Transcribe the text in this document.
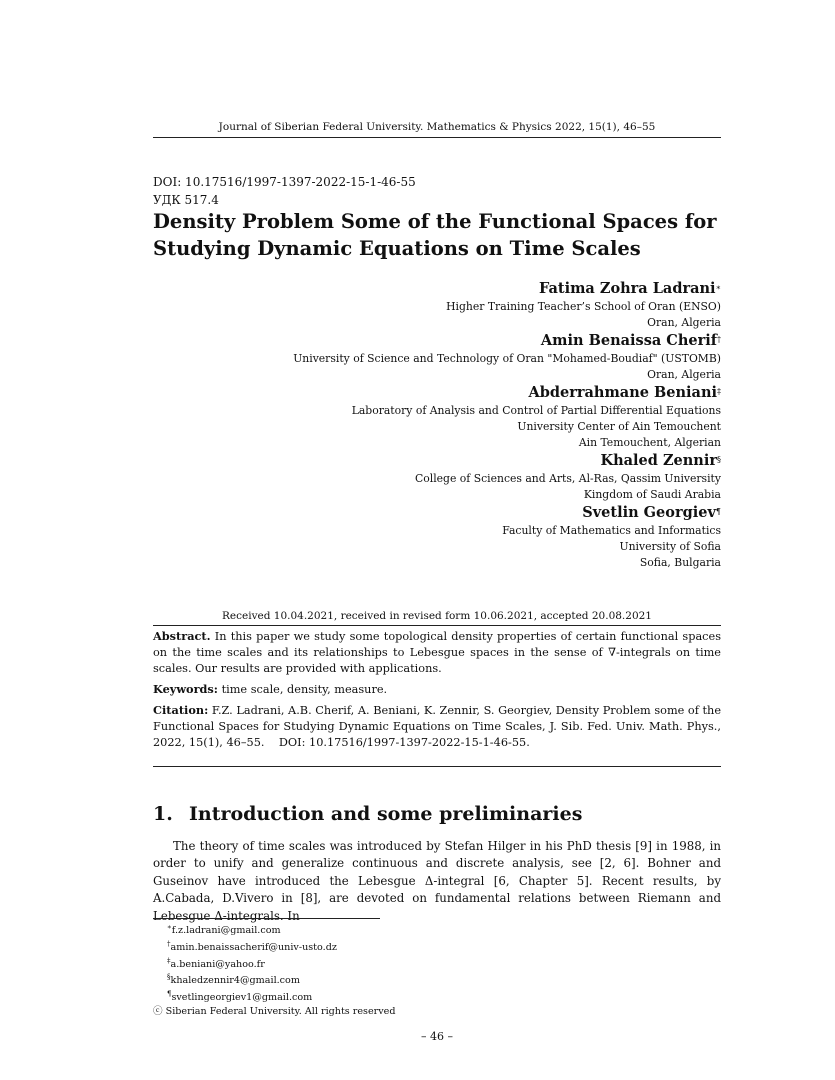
Journal of Siberian Federal University. Mathematics & Physics 2022, 15(1), 46–55
DOI: 10.17516/1997-1397-2022-15-1-46-55
УДК 517.4
Density Problem Some of the Functional Spaces for Studying Dynamic Equations on Time Scales
Fatima Zohra Ladrani∗
Higher Training Teacher’s School of Oran (ENSO)
Oran, Algeria
Amin Benaissa Cherif†
University of Science and Technology of Oran "Mohamed-Boudiaf" (USTOMB)
Oran, Algeria
Abderrahmane Beniani‡
Laboratory of Analysis and Control of Partial Differential Equations
University Center of Ain Temouchent
Ain Temouchent, Algerian
Khaled Zennir§
College of Sciences and Arts, Al-Ras, Qassim University
Kingdom of Saudi Arabia
Svetlin Georgiev¶
Faculty of Mathematics and Informatics
University of Sofia
Sofia, Bulgaria
Received 10.04.2021, received in revised form 10.06.2021, accepted 20.08.2021

Abstract. In this paper we study some topological density properties of certain functional spaces on the time scales and its relationships to Lebesgue spaces in the sense of ∇-integrals on time scales. Our results are provided with applications.

Keywords: time scale, density, measure.

Citation: F.Z. Ladrani, A.B. Cherif, A. Beniani, K. Zennir, S. Georgiev, Density Problem some of the Functional Spaces for Studying Dynamic Equations on Time Scales, J. Sib. Fed. Univ. Math. Phys., 2022, 15(1), 46–55.    DOI: 10.17516/1997-1397-2022-15-1-46-55.

1. Introduction and some preliminaries

The theory of time scales was introduced by Stefan Hilger in his PhD thesis [9] in 1988, in order to unify and generalize continuous and discrete analysis, see [2, 6]. Bohner and Guseinov have introduced the Lebesgue Δ-integral [6, Chapter 5]. Recent results, by A.Cabada, D.Vivero in [8], are devoted on fundamental relations between Riemann and Lebesgue Δ-integrals. In

∗f.z.ladrani@gmail.com
†amin.benaissacherif@univ-usto.dz
‡a.beniani@yahoo.fr
§khaledzennir4@gmail.com
¶svetlingeorgiev1@gmail.com
ⓒ Siberian Federal University. All rights reserved
– 46 –
